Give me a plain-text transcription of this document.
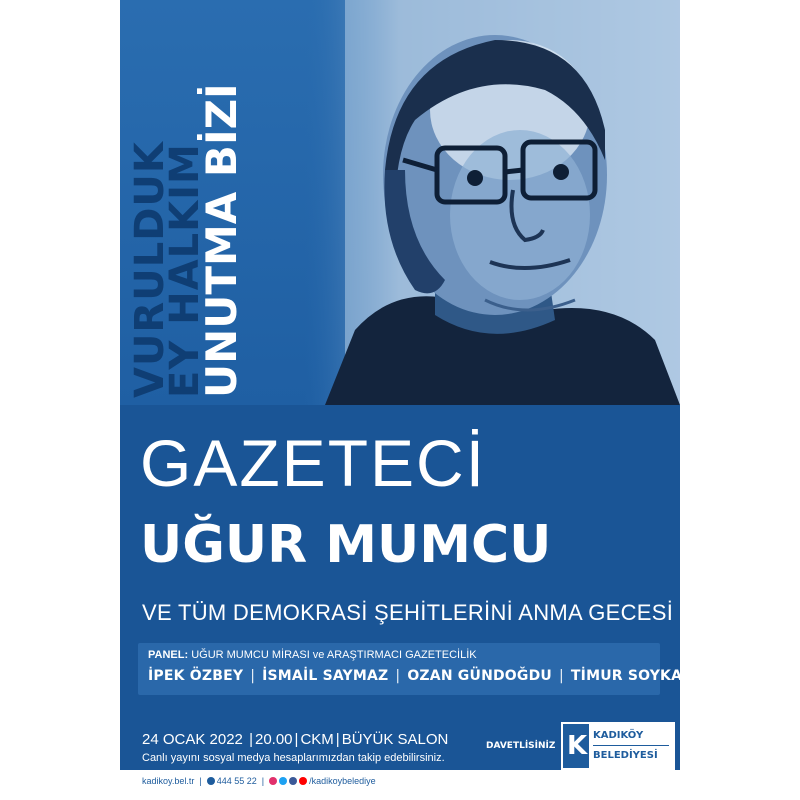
VURULDUK
EY HALKIM
UNUTMA BİZİ
GAZETECİ
UĞUR MUMCU
VE TÜM DEMOKRASİ ŞEHİTLERİNİ ANMA GECESİ
PANEL: UĞUR MUMCU MİRASI ve ARAŞTIRMACI GAZETECİLİK
İPEK ÖZBEY | İSMAİL SAYMAZ | OZAN GÜNDOĞDU | TİMUR SOYKAN
24 OCAK 2022 | 20.00 | CKM | BÜYÜK SALON
Canlı yayını sosyal medya hesaplarımızdan takip edebilirsiniz.
DAVETLİSİNİZ K KADIKÖY
BELEDİYESİ
kadikoy.bel.tr | 444 55 22 |	/kadikoybelediye
